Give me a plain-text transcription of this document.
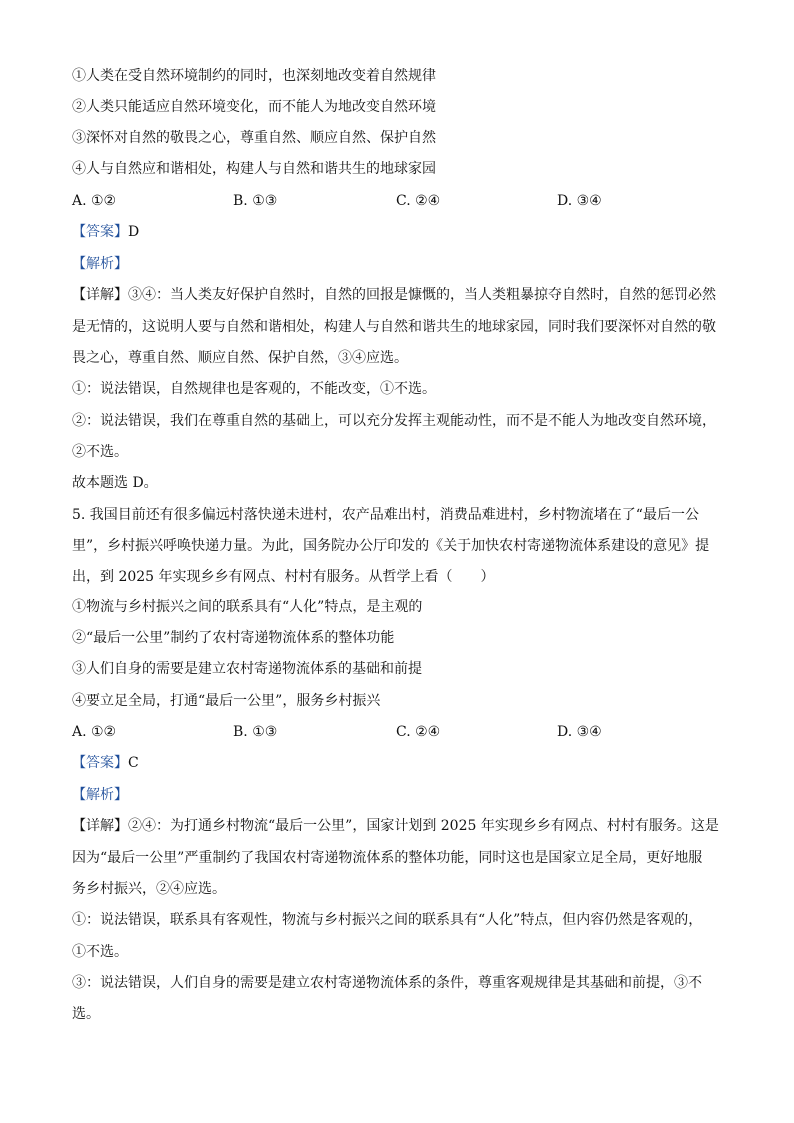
①人类在受自然环境制约的同时，也深刻地改变着自然规律
②人类只能适应自然环境变化，而不能人为地改变自然环境
③深怀对自然的敬畏之心，尊重自然、顺应自然、保护自然
④人与自然应和谐相处，构建人与自然和谐共生的地球家园
A. ①②	B. ①③	C. ②④	D. ③④
【答案】D
【解析】
【详解】③④：当人类友好保护自然时，自然的回报是慷慨的，当人类粗暴掠夺自然时，自然的惩罚必然
是无情的，这说明人要与自然和谐相处，构建人与自然和谐共生的地球家园，同时我们要深怀对自然的敬
畏之心，尊重自然、顺应自然、保护自然，③④应选。
①：说法错误，自然规律也是客观的，不能改变，①不选。
②：说法错误，我们在尊重自然的基础上，可以充分发挥主观能动性，而不是不能人为地改变自然环境，
②不选。
故本题选 D。
5. 我国目前还有很多偏远村落快递未进村，农产品难出村，消费品难进村，乡村物流堵在了“最后一公
里”，乡村振兴呼唤快递力量。为此，国务院办公厅印发的《关于加快农村寄递物流体系建设的意见》提
出，到 2025 年实现乡乡有网点、村村有服务。从哲学上看（　　）
①物流与乡村振兴之间的联系具有“人化”特点，是主观的
②“最后一公里”制约了农村寄递物流体系的整体功能
③人们自身的需要是建立农村寄递物流体系的基础和前提
④要立足全局，打通“最后一公里”，服务乡村振兴
A. ①②	B. ①③	C. ②④	D. ③④
【答案】C
【解析】
【详解】②④：为打通乡村物流“最后一公里”，国家计划到 2025 年实现乡乡有网点、村村有服务。这是
因为“最后一公里”严重制约了我国农村寄递物流体系的整体功能，同时这也是国家立足全局，更好地服
务乡村振兴，②④应选。
①：说法错误，联系具有客观性，物流与乡村振兴之间的联系具有“人化”特点，但内容仍然是客观的，
①不选。
③：说法错误，人们自身的需要是建立农村寄递物流体系的条件，尊重客观规律是其基础和前提，③不
选。
